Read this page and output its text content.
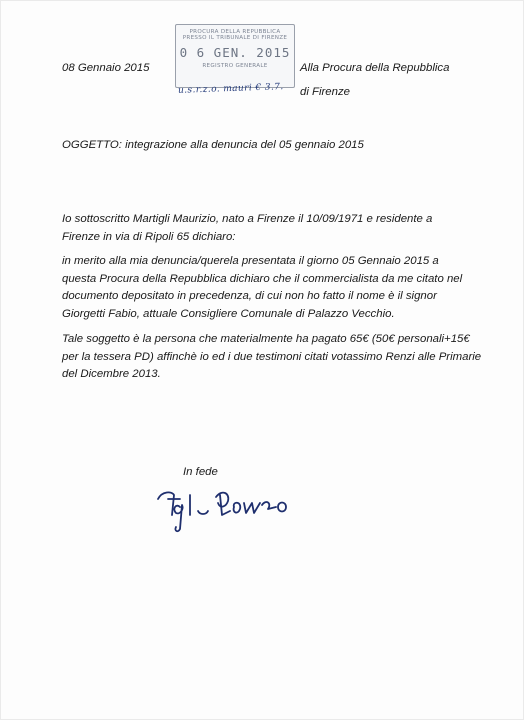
PROCURA DELLA REPUBBLICA
PRESSO IL TRIBUNALE DI FIRENZE
0 6 GEN. 2015
REGISTRO GENERALE
u.s.r.z.o. mauri € 3.7.
08 Gennaio 2015	Alla Procura della Repubblica
di Firenze
OGGETTO: integrazione alla denuncia del 05 gennaio 2015
Io sottoscritto Martigli Maurizio, nato a Firenze il 10/09/1971 e residente a Firenze in via di Ripoli 65 dichiaro:
in merito alla mia denuncia/querela presentata il giorno 05 Gennaio 2015 a questa Procura della Repubblica dichiaro che il commercialista da me citato nel documento depositato in precedenza, di cui non ho fatto il nome è il signor Giorgetti Fabio, attuale Consigliere Comunale di Palazzo Vecchio.
Tale soggetto è la persona che materialmente ha pagato 65€ (50€ personali+15€ per la tessera PD) affinchè io ed i due testimoni citati votassimo Renzi alle Primarie del Dicembre 2013.
In fede
